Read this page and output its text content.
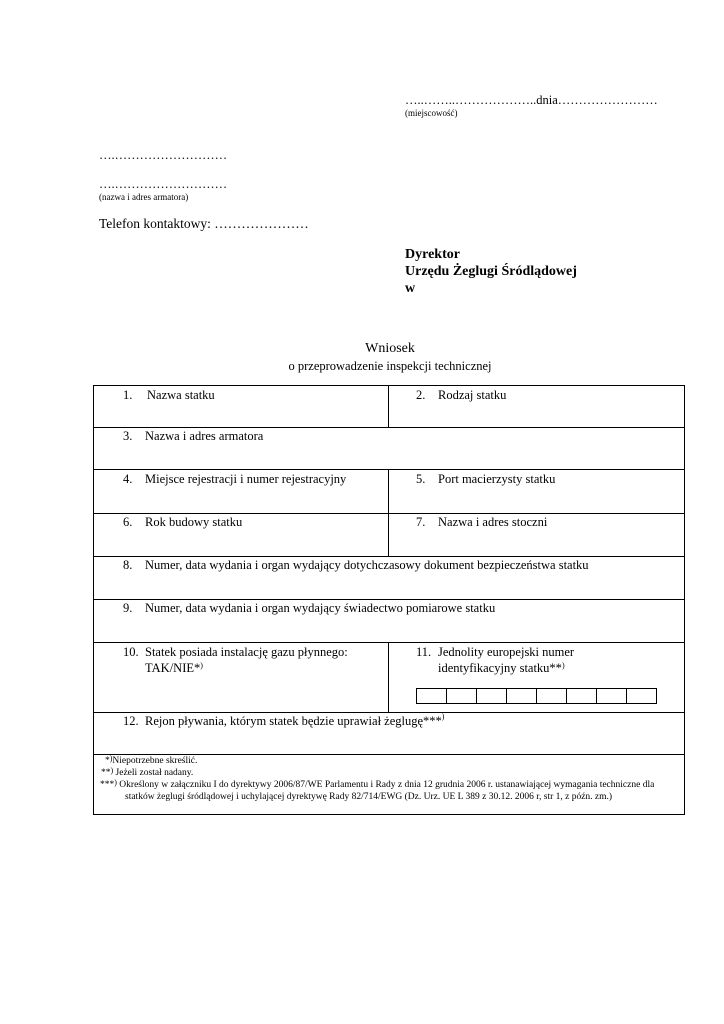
…..……..………………..dnia……………………
(miejscowość)
….………………………
….………………………
(nazwa i adres armatora)
Telefon kontaktowy: …………………
Dyrektor
Urzędu Żeglugi Śródlądowej
w
Wniosek
o przeprowadzenie inspekcji technicznej
1. Nazwa statku	2. Rodzaj statku
3. Nazwa i adres armatora
4. Miejsce rejestracji i numer rejestracyjny	5. Port macierzysty statku
6. Rok budowy statku	7. Nazwa i adres stoczni
8. Numer, data wydania i organ wydający dotychczasowy dokument bezpieczeństwa statku
9. Numer, data wydania i organ wydający świadectwo pomiarowe statku
10. Statek posiada instalację gazu płynnego:
TAK/NIE*)
11. Jednolity europejski numer
identyfikacyjny statku**)
12. Rejon pływania, którym statek będzie uprawiał żeglugę***)
*)Niepotrzebne skreślić.
**) Jeżeli został nadany.
***) Określony w załączniku I do dyrektywy 2006/87/WE Parlamentu i Rady z dnia 12 grudnia 2006 r. ustanawiającej wymagania techniczne dla
statków żeglugi śródlądowej i uchylającej dyrektywę Rady 82/714/EWG (Dz. Urz. UE L 389 z 30.12. 2006 r, str 1, z późn. zm.)
